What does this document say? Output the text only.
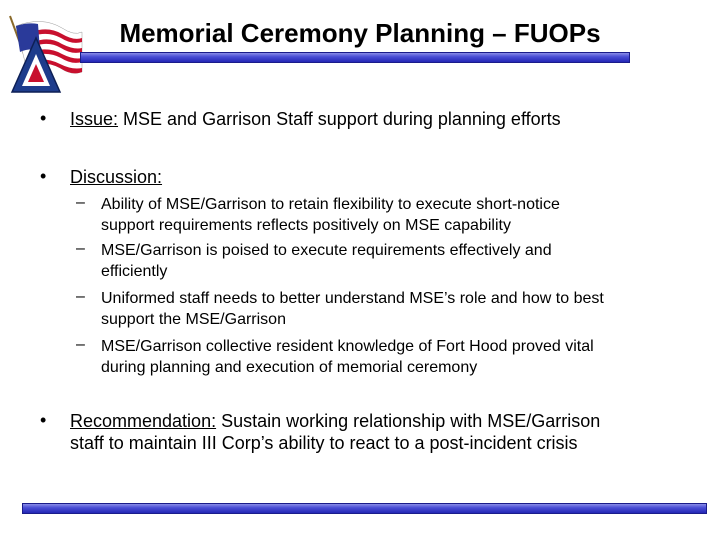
Memorial Ceremony Planning – FUOPs
• Issue: MSE and Garrison Staff support during planning efforts
• Discussion:
– Ability of MSE/Garrison to retain flexibility to execute short-notice
support requirements reflects positively on MSE capability
– MSE/Garrison is poised to execute requirements effectively and
efficiently
– Uniformed staff needs to better understand MSE’s role and how to best
support the MSE/Garrison
– MSE/Garrison collective resident knowledge of Fort Hood proved vital
during planning and execution of memorial ceremony
• Recommendation: Sustain working relationship with MSE/Garrison
staff to maintain III Corp’s ability to react to a post-incident crisis
